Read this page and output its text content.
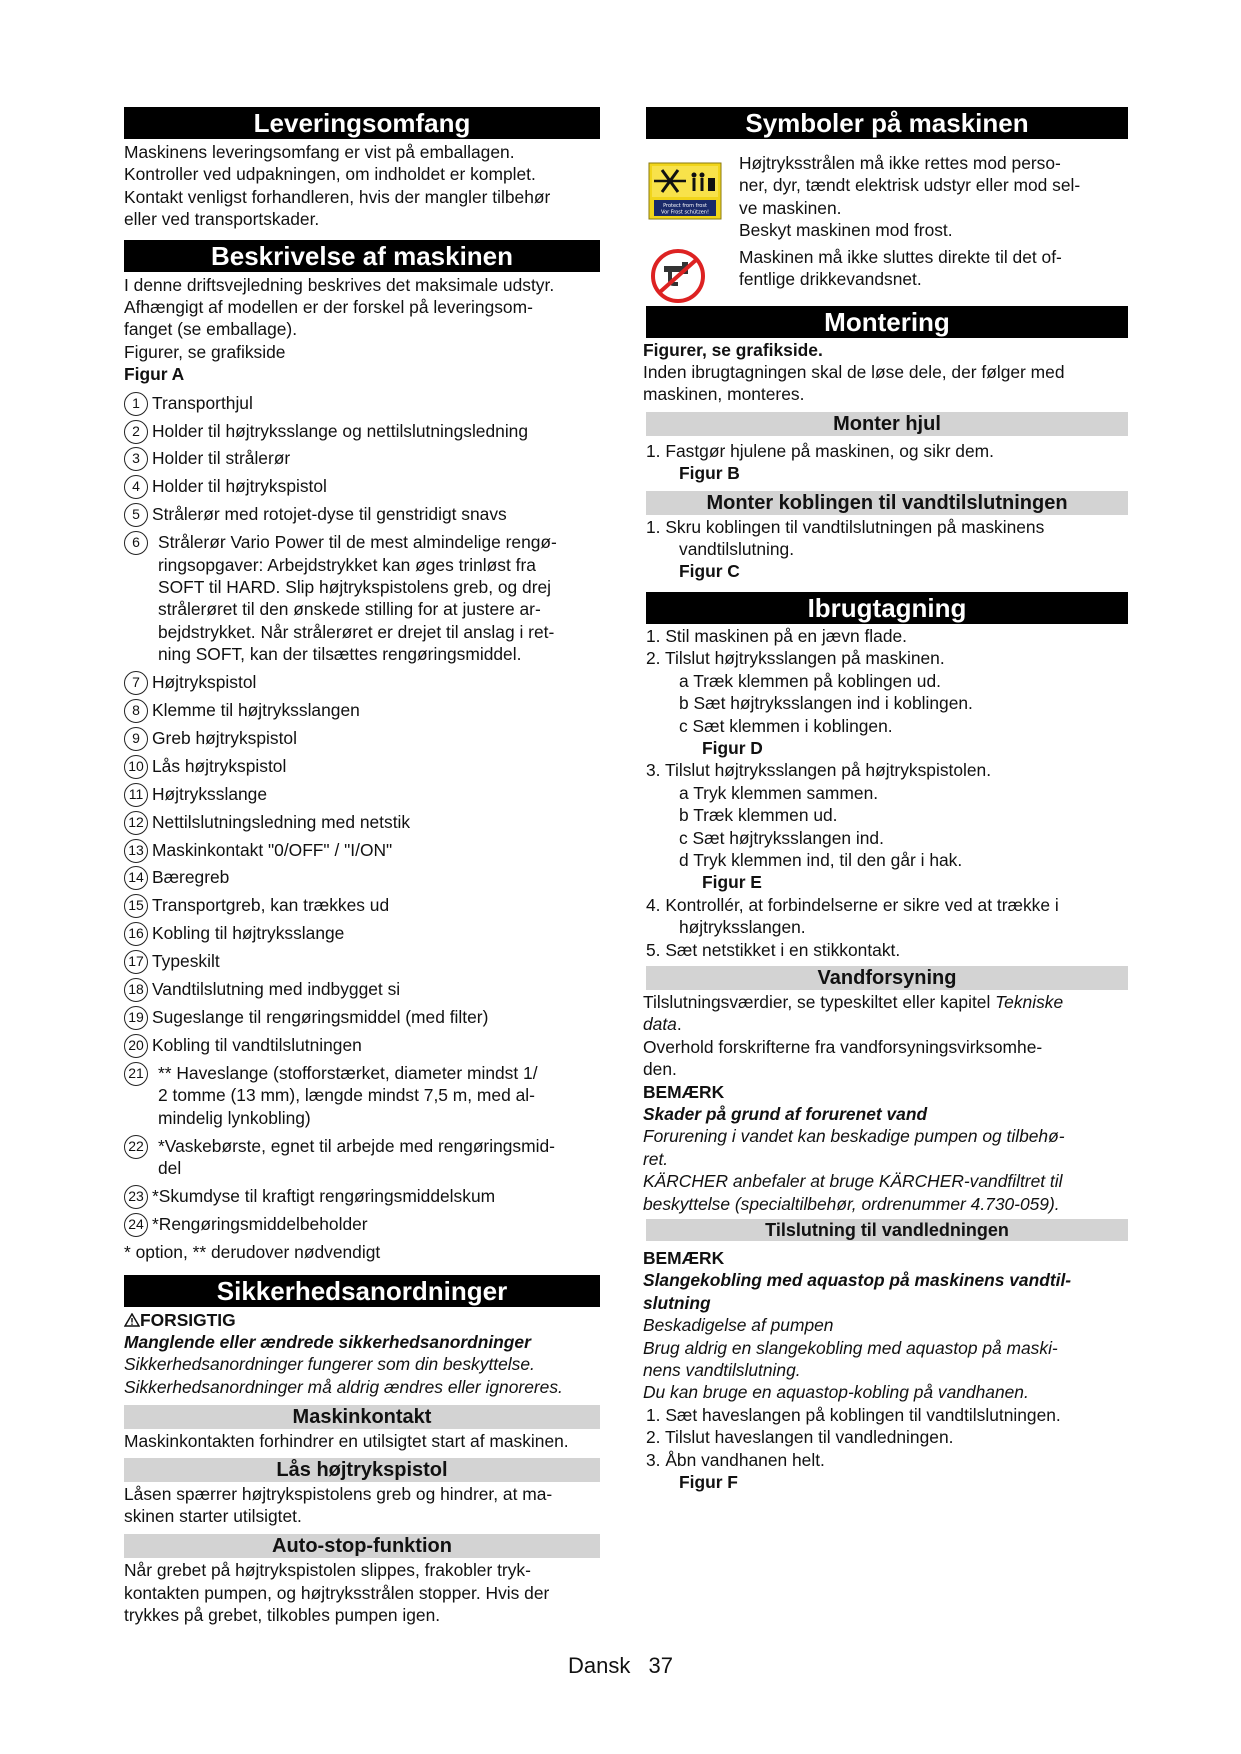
Leveringsomfang

Maskinens leveringsomfang er vist på emballagen.

Kontroller ved udpakningen, om indholdet er komplet.

Kontakt venligst forhandleren, hvis der mangler tilbehør

eller ved transportskader.

Beskrivelse af maskinen

I denne driftsvejledning beskrives det maksimale udstyr.

Afhængigt af modellen er der forskel på leveringsom-

fanget (se emballage).

Figurer, se grafikside

Figur A

1 Transporthjul
2 Holder til højtryksslange og nettilslutningsledning
3 Holder til strålerør
4 Holder til højtrykspistol
5 Strålerør med rotojet-dyse til genstridigt snavs
6	Strålerør Vario Power til de mest almindelige rengø-
ringsopgaver: Arbejdstrykket kan øges trinløst fra
SOFT til HARD. Slip højtrykspistolens greb, og drej
strålerøret til den ønskede stilling for at justere ar-
bejdstrykket. Når strålerøret er drejet til anslag i ret-
ning SOFT, kan der tilsættes rengøringsmiddel.
7 Højtrykspistol
8 Klemme til højtryksslangen
9 Greb højtrykspistol
10 Lås højtrykspistol
11 Højtryksslange
12 Nettilslutningsledning med netstik
13 Maskinkontakt "0/OFF" / "I/ON"
14 Bæregreb
15 Transportgreb, kan trækkes ud
16 Kobling til højtryksslange
17 Typeskilt
18 Vandtilslutning med indbygget si
19 Sugeslange til rengøringsmiddel (med filter)
20 Kobling til vandtilslutningen
21 ** Haveslange (stofforstærket, diameter mindst 1/
2 tomme (13 mm), længde mindst 7,5 m, med al-
mindelig lynkobling)
22 *Vaskebørste, egnet til arbejde med rengøringsmid-
del
23 *Skumdyse til kraftigt rengøringsmiddelskum
24 *Rengøringsmiddelbeholder

* option, ** derudover nødvendigt

Sikkerhedsanordninger

FORSIGTIG

Manglende eller ændrede sikkerhedsanordninger

Sikkerhedsanordninger fungerer som din beskyttelse.

Sikkerhedsanordninger må aldrig ændres eller ignoreres.

Maskinkontakt

Maskinkontakten forhindrer en utilsigtet start af maskinen.

Lås højtrykspistol

Låsen spærrer højtrykspistolens greb og hindrer, at ma-

skinen starter utilsigtet.

Auto-stop-funktion

Når grebet på højtrykspistolen slippes, frakobler tryk-

kontakten pumpen, og højtryksstrålen stopper. Hvis der

trykkes på grebet, tilkobles pumpen igen.

Symboler på maskinen
Protect from frost
Vor Frost schützen!

Højtryksstrålen må ikke rettes mod perso-

ner, dyr, tændt elektrisk udstyr eller mod sel-

ve maskinen.

Beskyt maskinen mod frost.

Maskinen må ikke sluttes direkte til det of-

fentlige drikkevandsnet.

Montering

Figurer, se grafikside.

Inden ibrugtagningen skal de løse dele, der følger med

maskinen, monteres.

Monter hjul

1. Fastgør hjulene på maskinen, og sikr dem.

Figur B

Monter koblingen til vandtilslutningen

1. Skru koblingen til vandtilslutningen på maskinens

vandtilslutning.

Figur C

Ibrugtagning

1. Stil maskinen på en jævn flade.

2. Tilslut højtryksslangen på maskinen.

a Træk klemmen på koblingen ud.

b Sæt højtryksslangen ind i koblingen.

c Sæt klemmen i koblingen.

Figur D

3. Tilslut højtryksslangen på højtrykspistolen.

a Tryk klemmen sammen.

b Træk klemmen ud.

c Sæt højtryksslangen ind.

d Tryk klemmen ind, til den går i hak.

Figur E

4. Kontrollér, at forbindelserne er sikre ved at trække i

højtryksslangen.

5. Sæt netstikket i en stikkontakt.

Vandforsyning

Tilslutningsværdier, se typeskiltet eller kapitel Tekniske

data.

Overhold forskrifterne fra vandforsyningsvirksomhe-

den.

BEMÆRK

Skader på grund af forurenet vand

Forurening i vandet kan beskadige pumpen og tilbehø-

ret.

KÄRCHER anbefaler at bruge KÄRCHER-vandfiltret til

beskyttelse (specialtilbehør, ordrenummer 4.730-059).

Tilslutning til vandledningen

BEMÆRK

Slangekobling med aquastop på maskinens vandtil-

slutning

Beskadigelse af pumpen

Brug aldrig en slangekobling med aquastop på maski-

nens vandtilslutning.

Du kan bruge en aquastop-kobling på vandhanen.

1. Sæt haveslangen på koblingen til vandtilslutningen.

2. Tilslut haveslangen til vandledningen.

3. Åbn vandhanen helt.

Figur F

Dansk 37
